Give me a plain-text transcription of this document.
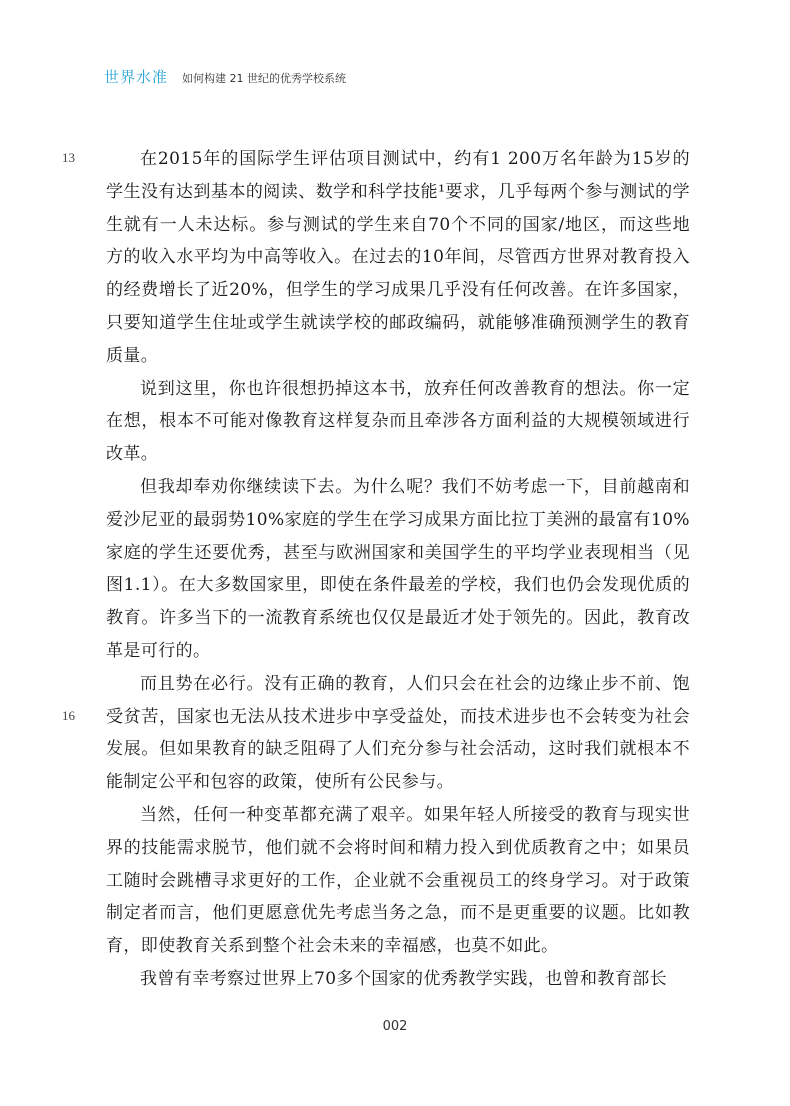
世界水准 如何构建 21 世纪的优秀学校系统
13
16

在2015年的国际学生评估项目测试中，约有1 200万名年龄为15岁的学生没有达到基本的阅读、数学和科学技能¹要求，几乎每两个参与测试的学生就有一人未达标。参与测试的学生来自70个不同的国家/地区，而这些地方的收入水平均为中高等收入。在过去的10年间，尽管西方世界对教育投入的经费增长了近20%，但学生的学习成果几乎没有任何改善。在许多国家，只要知道学生住址或学生就读学校的邮政编码，就能够准确预测学生的教育质量。

说到这里，你也许很想扔掉这本书，放弃任何改善教育的想法。你一定在想，根本不可能对像教育这样复杂而且牵涉各方面利益的大规模领域进行改革。

但我却奉劝你继续读下去。为什么呢？我们不妨考虑一下，目前越南和爱沙尼亚的最弱势10%家庭的学生在学习成果方面比拉丁美洲的最富有10%家庭的学生还要优秀，甚至与欧洲国家和美国学生的平均学业表现相当（见图1.1）。在大多数国家里，即使在条件最差的学校，我们也仍会发现优质的教育。许多当下的一流教育系统也仅仅是最近才处于领先的。因此，教育改革是可行的。

而且势在必行。没有正确的教育，人们只会在社会的边缘止步不前、饱受贫苦，国家也无法从技术进步中享受益处，而技术进步也不会转变为社会发展。但如果教育的缺乏阻碍了人们充分参与社会活动，这时我们就根本不能制定公平和包容的政策，使所有公民参与。

当然，任何一种变革都充满了艰辛。如果年轻人所接受的教育与现实世界的技能需求脱节，他们就不会将时间和精力投入到优质教育之中；如果员工随时会跳槽寻求更好的工作，企业就不会重视员工的终身学习。对于政策制定者而言，他们更愿意优先考虑当务之急，而不是更重要的议题。比如教育，即使教育关系到整个社会未来的幸福感，也莫不如此。

我曾有幸考察过世界上70多个国家的优秀教学实践，也曾和教育部长

002
